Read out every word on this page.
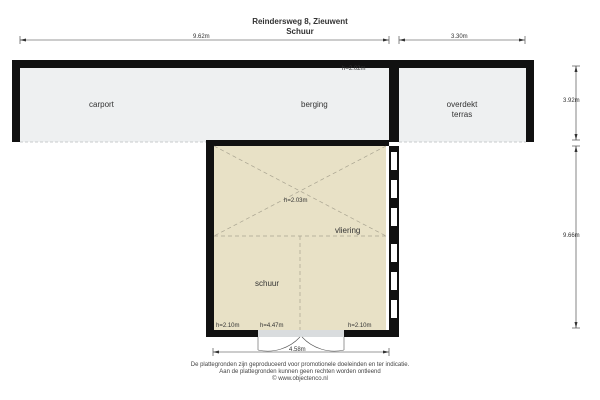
Reindersweg 8, Zieuwent
Schuur
9.62m	3.30m
3.92m
9.66m
4.58m
carport	berging	overdekt
terras
vliering
schuur
h=2.02m
h=2.03m
h=2.10m	h=4.47m	h=2.10m
De plattegronden zijn geproduceerd voor promotionele doeleinden en ter indicatie.
Aan de plattegronden kunnen geen rechten worden ontleend
© www.objectenco.nl
